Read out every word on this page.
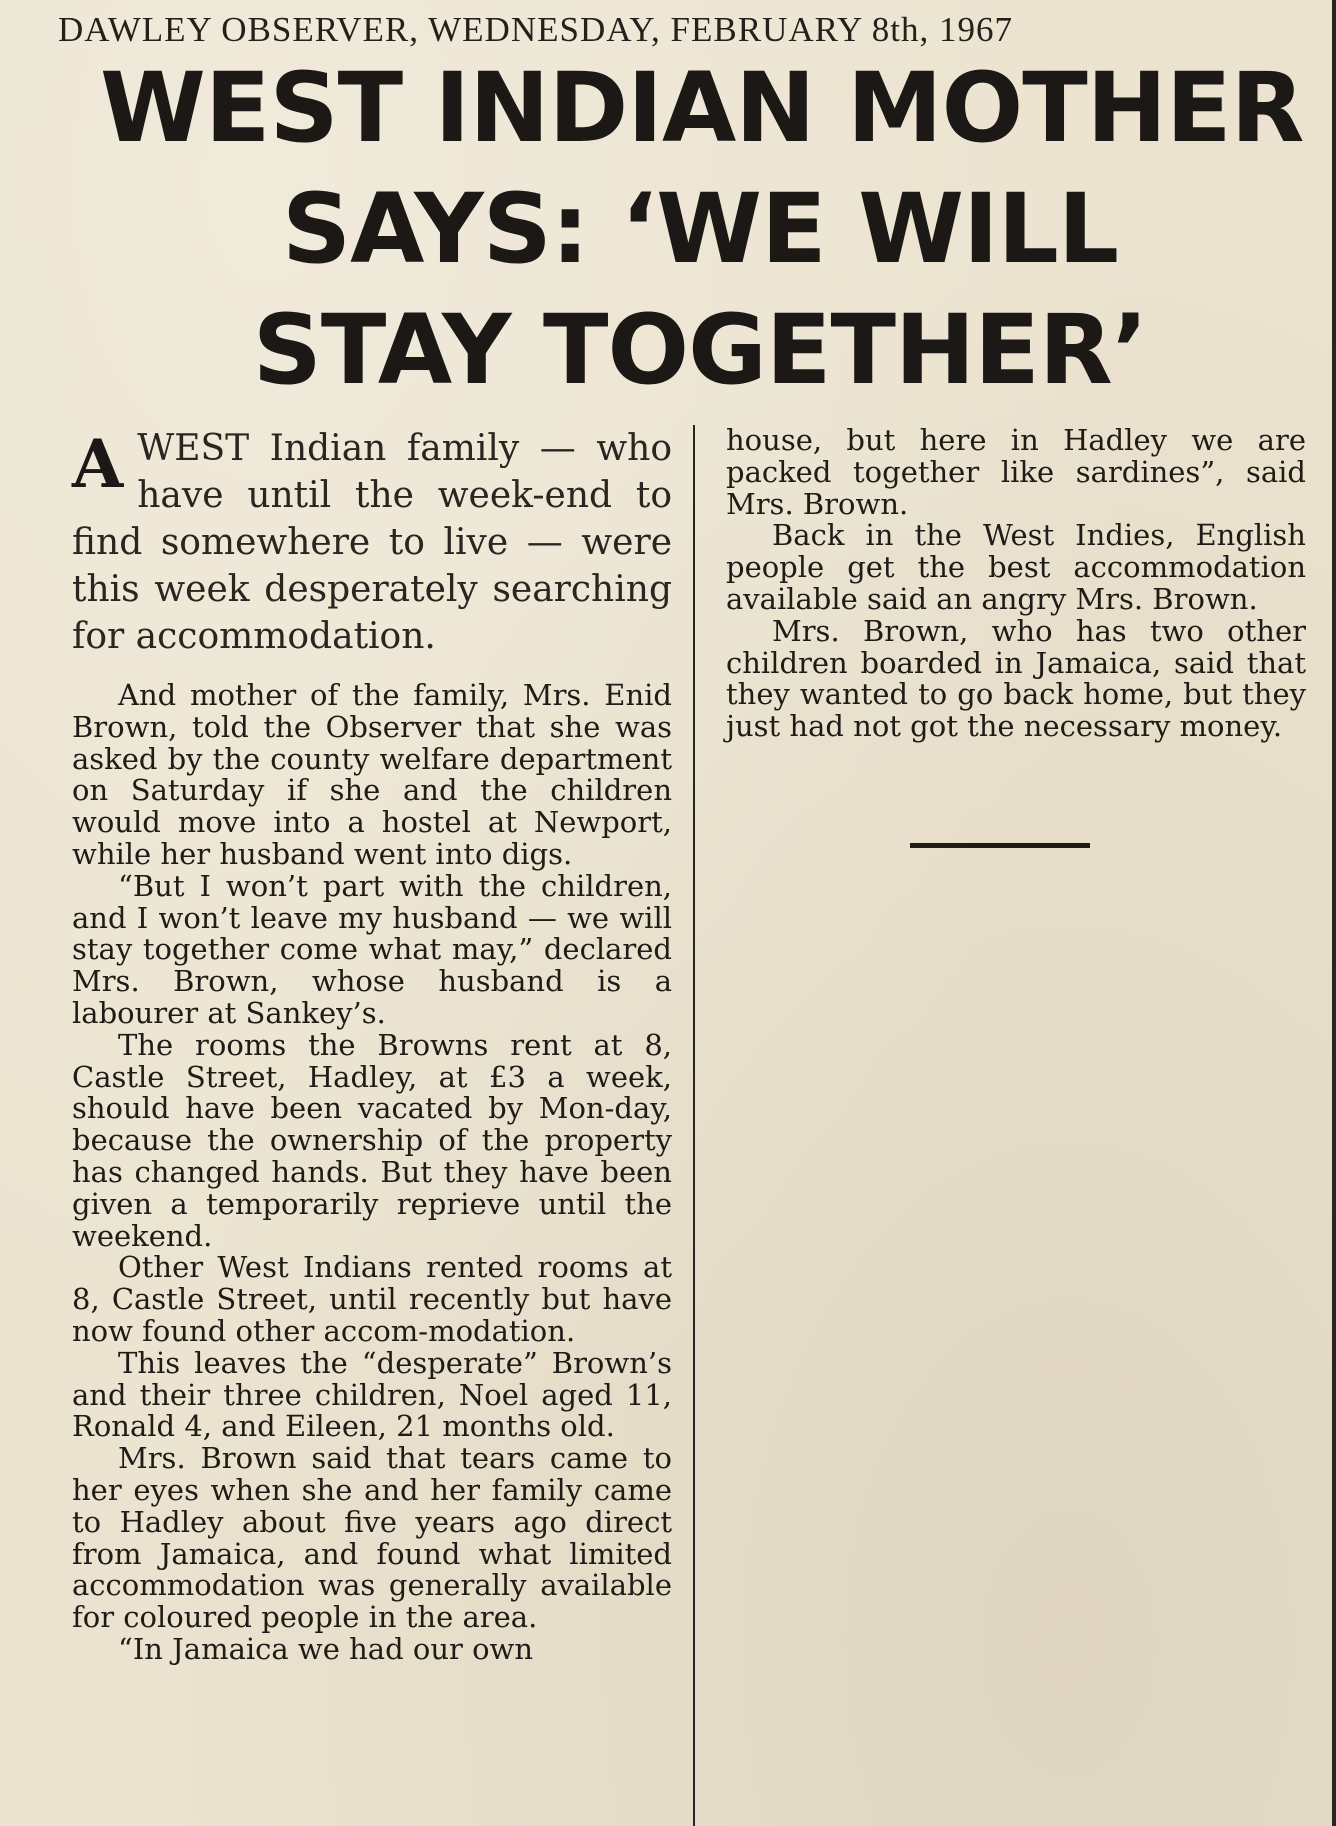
DAWLEY OBSERVER, WEDNESDAY, FEBRUARY 8th, 1967
WEST INDIAN MOTHER
SAYS: ‘WE WILL
STAY TOGETHER’
A WEST Indian family — who have until the week-end to find somewhere to live — were this week desperately searching for accommodation.

And mother of the family, Mrs. Enid Brown, told the Observer that she was asked by the county welfare department on Saturday if she and the children would move into a hostel at Newport, while her husband went into digs.

“But I won’t part with the children, and I won’t leave my husband — we will stay together come what may,” declared Mrs. Brown, whose husband is a labourer at Sankey’s.

The rooms the Browns rent at 8, Castle Street, Hadley, at £3 a week, should have been vacated by Mon-day, because the ownership of the property has changed hands. But they have been given a temporarily reprieve until the weekend.

Other West Indians rented rooms at 8, Castle Street, until recently but have now found other accom-modation.

This leaves the “desperate” Brown’s and their three children, Noel aged 11, Ronald 4, and Eileen, 21 months old.

Mrs. Brown said that tears came to her eyes when she and her family came to Hadley about five years ago direct from Jamaica, and found what limited accommodation was generally available for coloured people in the area.

“In Jamaica we had our own

house, but here in Hadley we are packed together like sardines”, said Mrs. Brown.

Back in the West Indies, English people get the best accommodation available said an angry Mrs. Brown.

Mrs. Brown, who has two other children boarded in Jamaica, said that they wanted to go back home, but they just had not got the necessary money.
